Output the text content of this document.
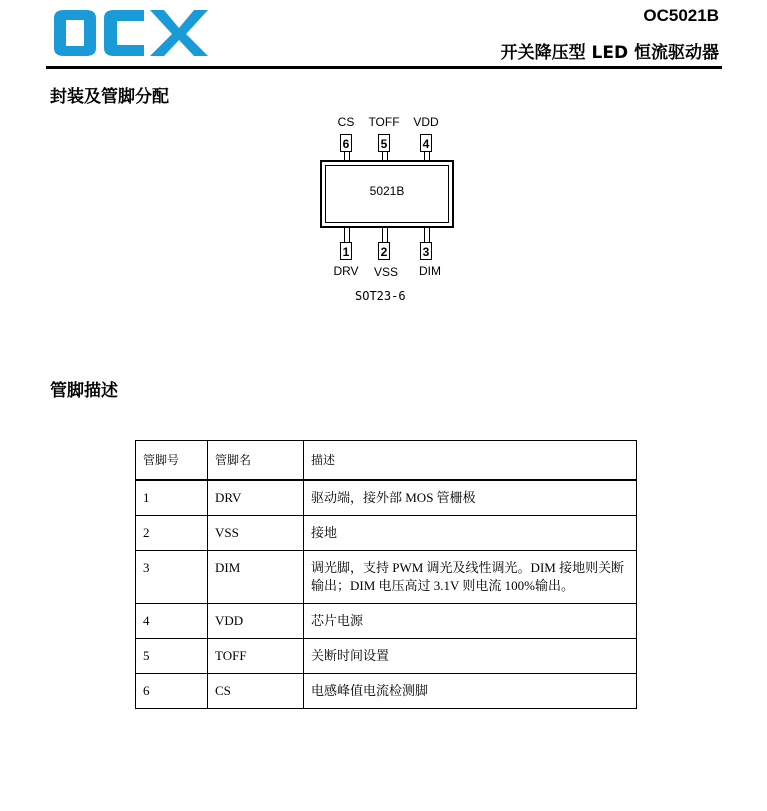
OC5021B
开关降压型 LED 恒流驱动器
封装及管脚分配
CS	TOFF	VDD
6	5	4
5021B
1	2	3
DRV	VSS	DIM
SOT23-6
管脚描述
管脚号	管脚名	描述
1	DRV	驱动端，接外部 MOS 管栅极
2	VSS	接地
3	DIM	调光脚，支持 PWM 调光及线性调光。DIM 接地则关断输出；DIM 电压高过 3.1V 则电流 100%输出。
4	VDD	芯片电源
5	TOFF	关断时间设置
6	CS	电感峰值电流检测脚
